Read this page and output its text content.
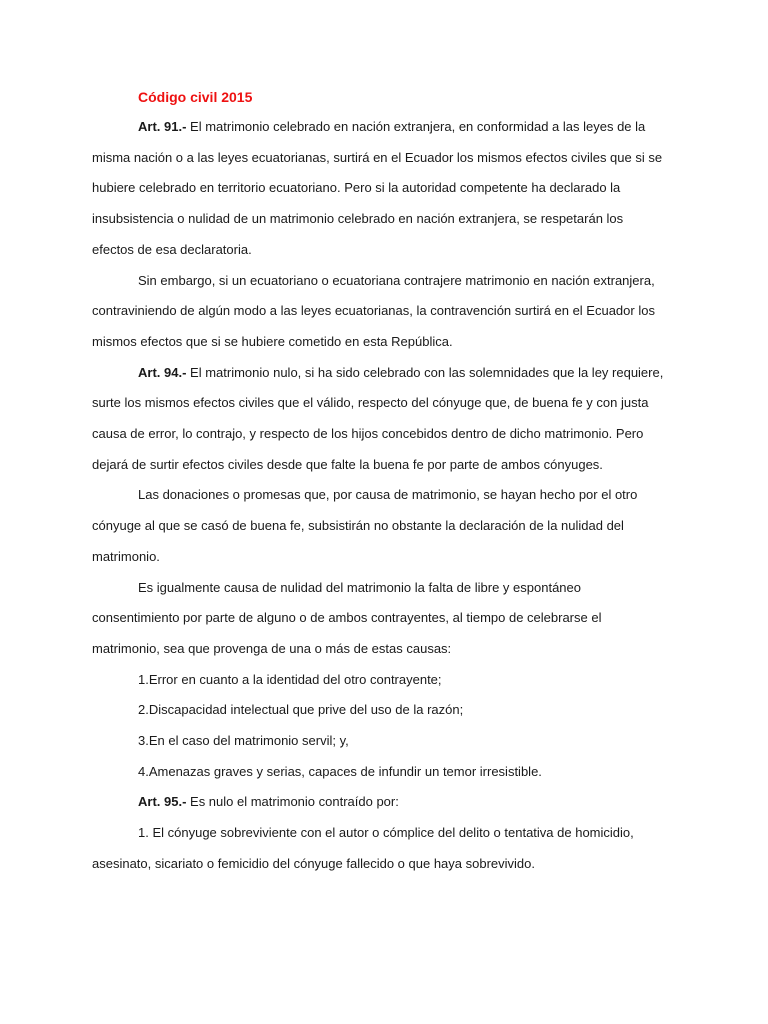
Código civil 2015

Art. 91.- El matrimonio celebrado en nación extranjera, en conformidad a las leyes de la misma nación o a las leyes ecuatorianas, surtirá en el Ecuador los mismos efectos civiles que si se hubiere celebrado en territorio ecuatoriano. Pero si la autoridad competente ha declarado la insubsistencia o nulidad de un matrimonio celebrado en nación extranjera, se respetarán los efectos de esa declaratoria.

Sin embargo, si un ecuatoriano o ecuatoriana contrajere matrimonio en nación extranjera, contraviniendo de algún modo a las leyes ecuatorianas, la contravención surtirá en el Ecuador los mismos efectos que si se hubiere cometido en esta República.

Art. 94.- El matrimonio nulo, si ha sido celebrado con las solemnidades que la ley requiere, surte los mismos efectos civiles que el válido, respecto del cónyuge que, de buena fe y con justa causa de error, lo contrajo, y respecto de los hijos concebidos dentro de dicho matrimonio. Pero dejará de surtir efectos civiles desde que falte la buena fe por parte de ambos cónyuges.

Las donaciones o promesas que, por causa de matrimonio, se hayan hecho por el otro cónyuge al que se casó de buena fe, subsistirán no obstante la declaración de la nulidad del matrimonio.

Es igualmente causa de nulidad del matrimonio la falta de libre y espontáneo consentimiento por parte de alguno o de ambos contrayentes, al tiempo de celebrarse el matrimonio, sea que provenga de una o más de estas causas:

1.Error en cuanto a la identidad del otro contrayente;

2.Discapacidad intelectual que prive del uso de la razón;

3.En el caso del matrimonio servil; y,

4.Amenazas graves y serias, capaces de infundir un temor irresistible.

Art. 95.- Es nulo el matrimonio contraído por:

1. El cónyuge sobreviviente con el autor o cómplice del delito o tentativa de homicidio, asesinato, sicariato o femicidio del cónyuge fallecido o que haya sobrevivido.
